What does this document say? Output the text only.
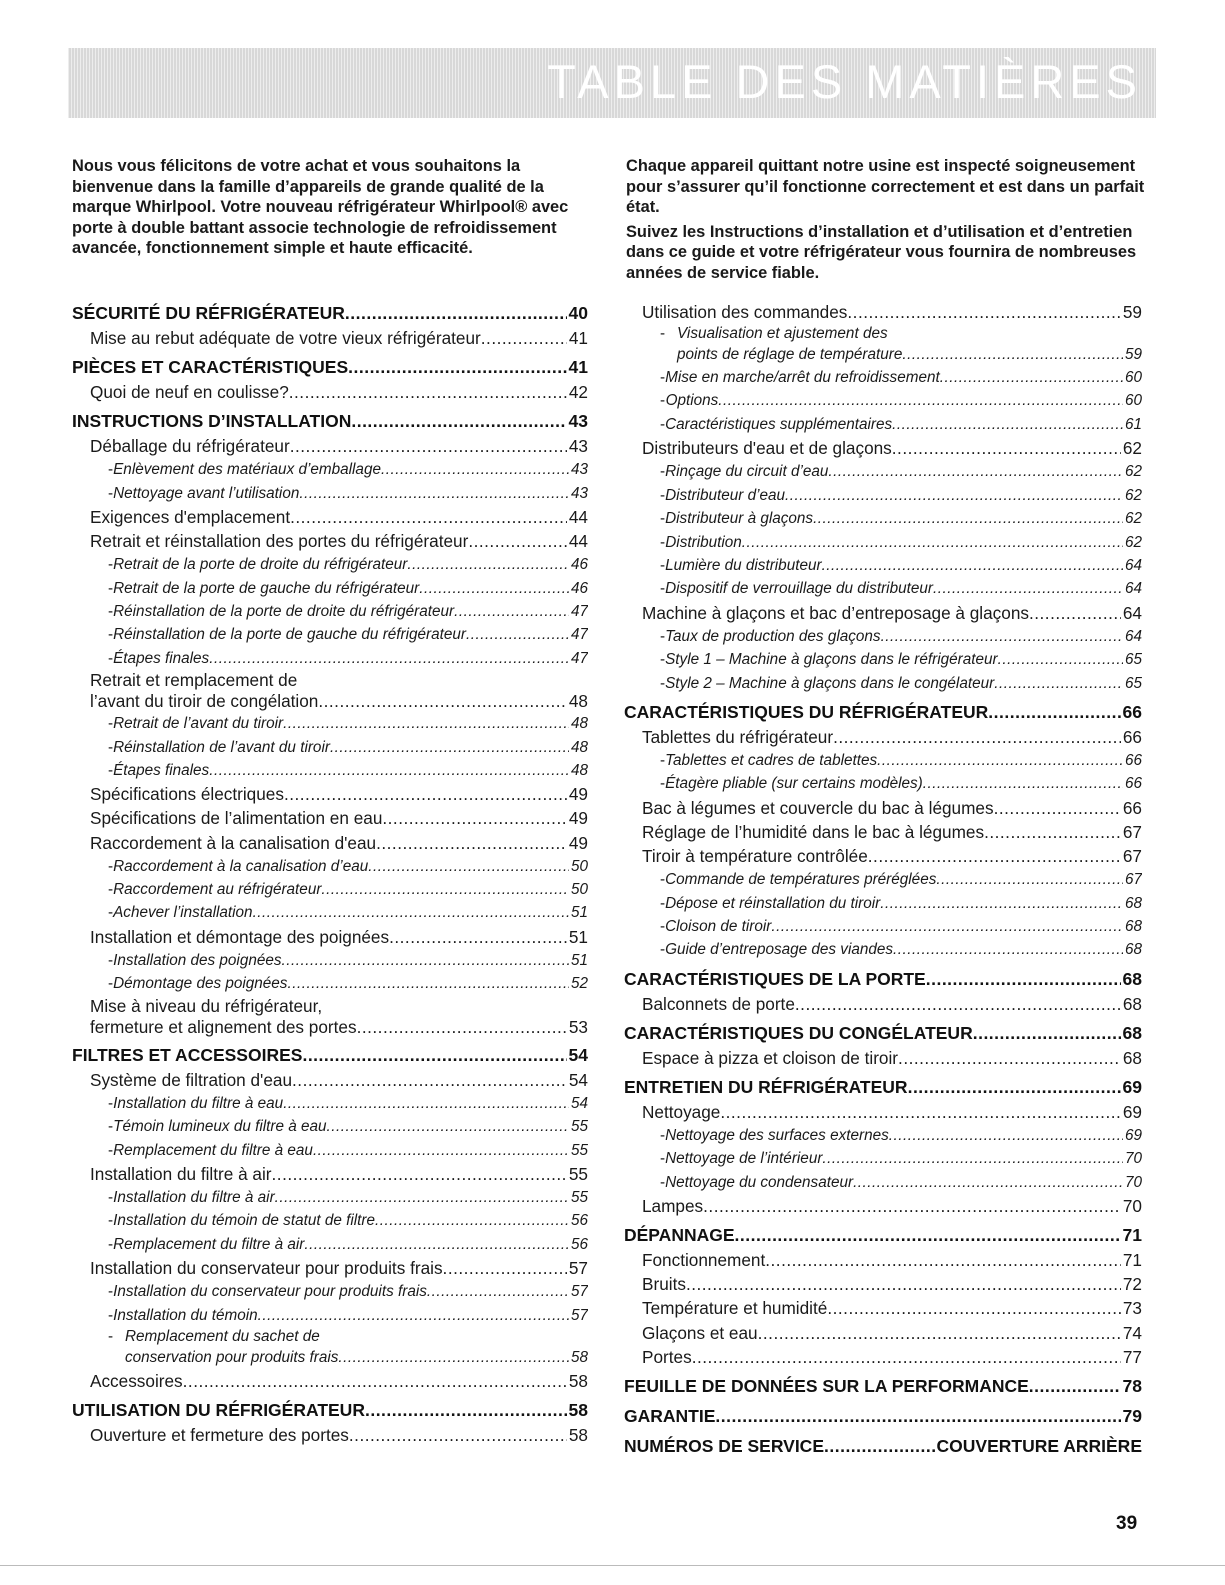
TABLE DES MATIÈRES

Nous vous félicitons de votre achat et vous souhaitons la bienvenue dans la famille d’appareils de grande qualité de la marque Whirlpool. Votre nouveau réfrigérateur Whirlpool® avec porte à double battant associe technologie de refroidissement avancée, fonctionnement simple et haute efficacité.

Chaque appareil quittant notre usine est inspecté soigneusement pour s’assurer qu’il fonctionne correctement et est dans un parfait état.

Suivez les Instructions d’installation et d’utilisation et d’entretien dans ce guide et votre réfrigérateur vous fournira de nombreuses années de service fiable.

SÉCURITÉ DU RÉFRIGÉRATEUR .....	40
Mise au rebut adéquate de votre vieux réfrigérateur .....	41
PIÈCES ET CARACTÉRISTIQUES .....	41
Quoi de neuf en coulisse? .....	42
INSTRUCTIONS D’INSTALLATION .....	43
Déballage du réfrigérateur .....	43
- Enlèvement des matériaux d’emballage .....	43
- Nettoyage avant l’utilisation .....	43
Exigences d'emplacement .....	44
Retrait et réinstallation des portes du réfrigérateur .....	44
- Retrait de la porte de droite du réfrigérateur .....	46
- Retrait de la porte de gauche du réfrigérateur .....	46
- Réinstallation de la porte de droite du réfrigérateur .....	47
- Réinstallation de la porte de gauche du réfrigérateur .....	47
- Étapes finales .....	47
Retrait et remplacement de
l’avant du tiroir de congélation .....	48
- Retrait de l’avant du tiroir .....	48
- Réinstallation de l’avant du tiroir .....	48
- Étapes finales .....	48
Spécifications électriques .....	49
Spécifications de l’alimentation en eau .....	49
Raccordement à la canalisation d'eau .....	49
- Raccordement à la canalisation d’eau .....	50
- Raccordement au réfrigérateur .....	50
- Achever l’installation .....	51
Installation et démontage des poignées .....	51
- Installation des poignées .....	51
- Démontage des poignées .....	52
Mise à niveau du réfrigérateur,
fermeture et alignement des portes .....	53
FILTRES ET ACCESSOIRES .....	54
Système de filtration d'eau .....	54
- Installation du filtre à eau .....	54
- Témoin lumineux du filtre à eau .....	55
- Remplacement du filtre à eau .....	55
Installation du filtre à air .....	55
- Installation du filtre à air .....	55
- Installation du témoin de statut de filtre .....	56
- Remplacement du filtre à air .....	56
Installation du conservateur pour produits frais .....	57
- Installation du conservateur pour produits frais .....	57
- Installation du témoin .....	57
- Remplacement du sachet de
conservation pour produits frais .....	58
Accessoires .....	58
UTILISATION DU RÉFRIGÉRATEUR .....	58
Ouverture et fermeture des portes .....	58
Utilisation des commandes .....	59
- Visualisation et ajustement des
points de réglage de température .....	59
- Mise en marche/arrêt du refroidissement .....	60
- Options .....	60
- Caractéristiques supplémentaires .....	61
Distributeurs d'eau et de glaçons .....	62
- Rinçage du circuit d’eau .....	62
- Distributeur d’eau .....	62
- Distributeur à glaçons .....	62
- Distribution .....	62
- Lumière du distributeur .....	64
- Dispositif de verrouillage du distributeur .....	64
Machine à glaçons et bac d’entreposage à glaçons .....	64
- Taux de production des glaçons .....	64
- Style 1 – Machine à glaçons dans le réfrigérateur .....	65
- Style 2 – Machine à glaçons dans le congélateur .....	65
CARACTÉRISTIQUES DU RÉFRIGÉRATEUR .....	66
Tablettes du réfrigérateur .....	66
- Tablettes et cadres de tablettes .....	66
- Étagère pliable (sur certains modèles) .....	66
Bac à légumes et couvercle du bac à légumes .....	66
Réglage de l’humidité dans le bac à légumes .....	67
Tiroir à température contrôlée .....	67
- Commande de températures préréglées .....	67
- Dépose et réinstallation du tiroir .....	68
- Cloison de tiroir .....	68
- Guide d’entreposage des viandes .....	68
CARACTÉRISTIQUES DE LA PORTE .....	68
Balconnets de porte .....	68
CARACTÉRISTIQUES DU CONGÉLATEUR .....	68
Espace à pizza et cloison de tiroir .....	68
ENTRETIEN DU RÉFRIGÉRATEUR .....	69
Nettoyage .....	69
- Nettoyage des surfaces externes .....	69
- Nettoyage de l’intérieur .....	70
- Nettoyage du condensateur .....	70
Lampes .....	70
DÉPANNAGE .....	71
Fonctionnement .....	71
Bruits .....	72
Température et humidité .....	73
Glaçons et eau .....	74
Portes .....	77
FEUILLE DE DONNÉES SUR LA PERFORMANCE .....	78
GARANTIE .....	79
NUMÉROS DE SERVICE .....	COUVERTURE ARRIÈRE
39
